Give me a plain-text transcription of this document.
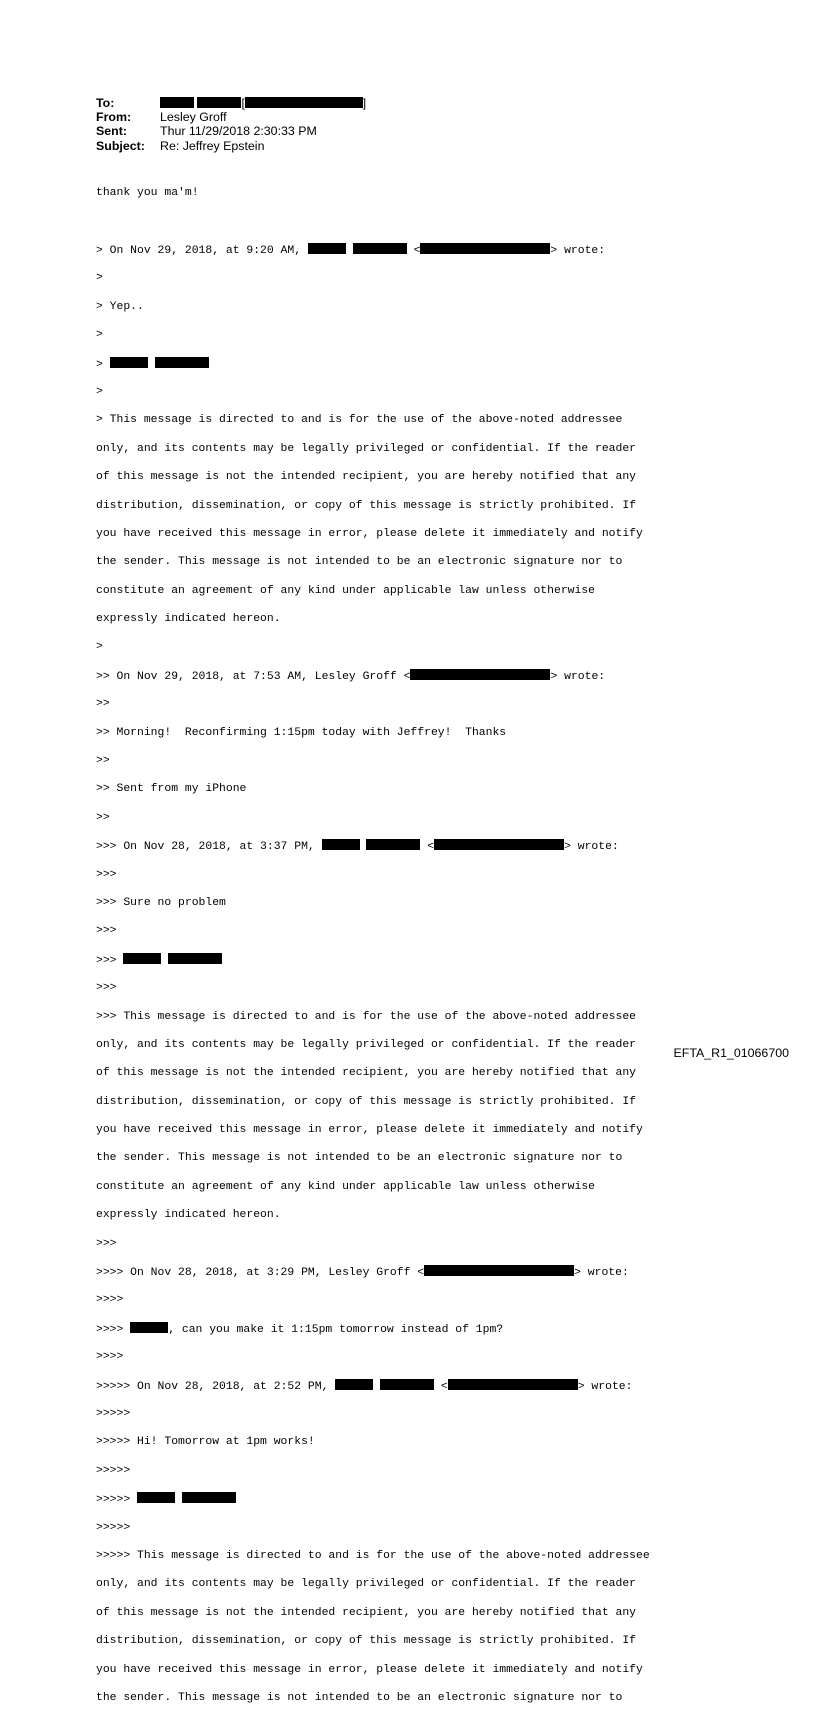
To:	[	]
From: Lesley Groff
Sent:	Thur 11/29/2018 2:30:33 PM
Subject: Re: Jeffrey Epstein

thank you ma'm!

> On Nov 29, 2018, at 9:20 AM,	<	> wrote:

>

> Yep..

>

>

>

> This message is directed to and is for the use of the above-noted addressee

only, and its contents may be legally privileged or confidential. If the reader

of this message is not the intended recipient, you are hereby notified that any

distribution, dissemination, or copy of this message is strictly prohibited. If

you have received this message in error, please delete it immediately and notify

the sender. This message is not intended to be an electronic signature nor to

constitute an agreement of any kind under applicable law unless otherwise

expressly indicated hereon.

>

>> On Nov 29, 2018, at 7:53 AM, Lesley Groff <	> wrote:

>>

>> Morning!  Reconfirming 1:15pm today with Jeffrey!  Thanks

>>

>> Sent from my iPhone

>>

>>> On Nov 28, 2018, at 3:37 PM,	<	> wrote:

>>>

>>> Sure no problem

>>>

>>>

>>>

>>> This message is directed to and is for the use of the above-noted addressee

only, and its contents may be legally privileged or confidential. If the reader

of this message is not the intended recipient, you are hereby notified that any

distribution, dissemination, or copy of this message is strictly prohibited. If

you have received this message in error, please delete it immediately and notify

the sender. This message is not intended to be an electronic signature nor to

constitute an agreement of any kind under applicable law unless otherwise

expressly indicated hereon.

>>>

>>>> On Nov 28, 2018, at 3:29 PM, Lesley Groff <	> wrote:

>>>>

>>>>	, can you make it 1:15pm tomorrow instead of 1pm?

>>>>

>>>>> On Nov 28, 2018, at 2:52 PM,	<	> wrote:

>>>>>

>>>>> Hi! Tomorrow at 1pm works!

>>>>>

>>>>>

>>>>>

>>>>> This message is directed to and is for the use of the above-noted addressee

only, and its contents may be legally privileged or confidential. If the reader

of this message is not the intended recipient, you are hereby notified that any

distribution, dissemination, or copy of this message is strictly prohibited. If

you have received this message in error, please delete it immediately and notify

the sender. This message is not intended to be an electronic signature nor to

EFTA_R1_01066700
